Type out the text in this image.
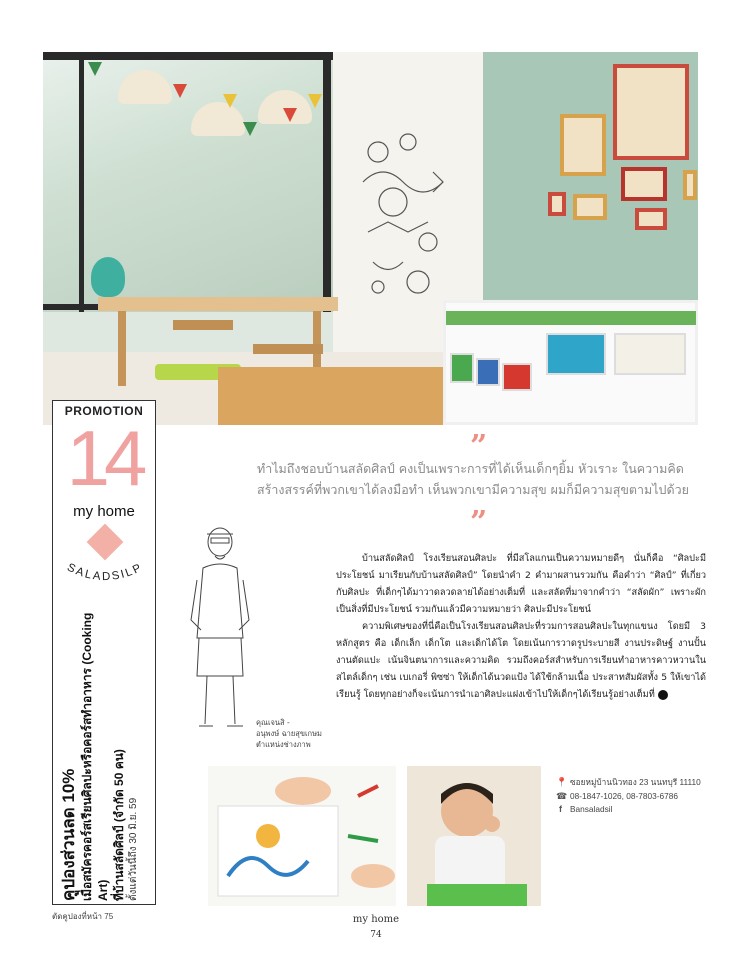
PROMOTION
14
my home
SALADSILP
คูปองส่วนลด 10% เมื่อสมัครคอร์สเรียนศิลปะหรือคอร์สทำอาหาร (Cooking Art) ที่บ้านสลัดศิลป์ (จำกัด 50 คน) ตั้งแต่วันนี้ถึง 30 มิ.ย. 59
ตัดคูปองที่หน้า 75
”
ทำไมถึงชอบบ้านสลัดศิลป์ คงเป็นเพราะการที่ได้เห็นเด็กๆยิ้ม หัวเราะ ในความคิดสร้างสรรค์ที่พวกเขาได้ลงมือทำ เห็นพวกเขามีความสุข ผมก็มีความสุขตามไปด้วย
”
คุณเจนสิ -
อนุพงษ์ ฉายสุขเกษม
ตำแหน่งช่างภาพ

บ้านสลัดศิลป์ โรงเรียนสอนศิลปะ ที่มีสโลแกนเป็นความหมายดีๆ นั่นก็คือ “ศิลปะมีประโยชน์ มาเรียนกับบ้านสลัดศิลป์” โดยนำคำ 2 คำมาผสานรวมกัน คือคำว่า “ศิลป์” ที่เกี่ยวกับศิลปะ ที่เด็กๆได้มาวาดลวดลายได้อย่างเต็มที่ และสลัดที่มาจากคำว่า “สลัดผัก” เพราะผักเป็นสิ่งที่มีประโยชน์ รวมกันแล้วมีความหมายว่า ศิลปะมีประโยชน์

ความพิเศษของที่นี่คือเป็นโรงเรียนสอนศิลปะที่รวมการสอนศิลปะในทุกแขนง โดยมี 3 หลักสูตร คือ เด็กเล็ก เด็กโต และเด็กได้โต โดยเน้นการวาดรูประบายสี งานประดิษฐ์ งานปั้น งานตัดแปะ เน้นจินตนาการและความคิด รวมถึงคอร์สสำหรับการเรียนทำอาหารคาวหวานในสไตล์เด็กๆ เช่น เบเกอรี่ พิซซ่า ให้เด็กได้นวดแป้ง ได้ใช้กล้ามเนื้อ ประสาทสัมผัสทั้ง 5 ให้เขาได้เรียนรู้ โดยทุกอย่างก็จะเน้นการนำเอาศิลปะแฝงเข้าไปให้เด็กๆได้เรียนรู้อย่างเต็มที่

📍 ซอยหมู่บ้านนิวทอง 23 นนทบุรี 11110
☎ 08-1847-1026, 08-7803-6786
f Bansaladsil
my home
74
